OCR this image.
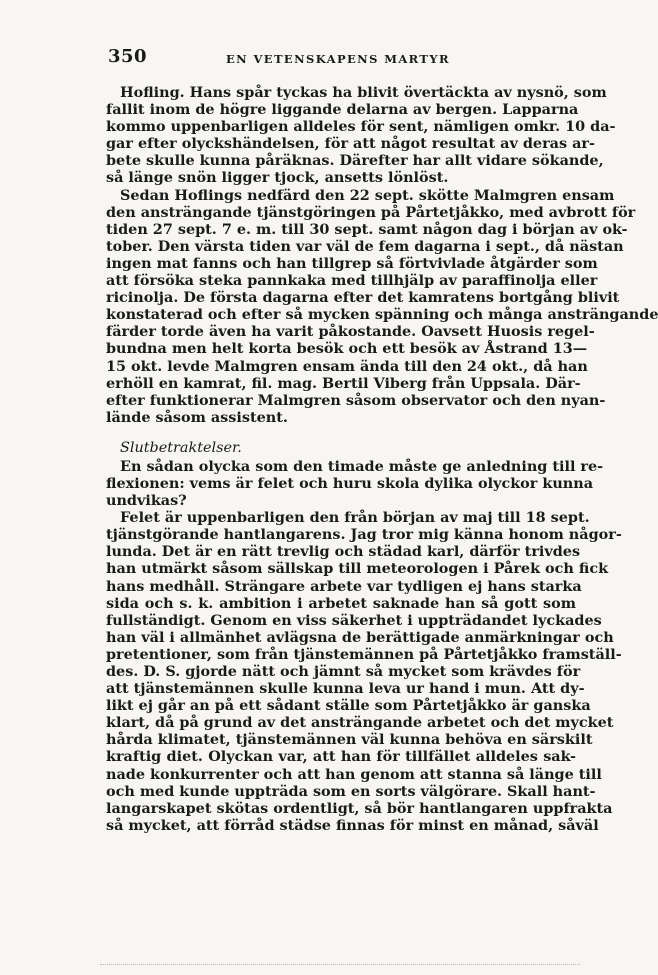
350	EN VETENSKAPENS MARTYR
Hofling. Hans spår tyckas ha blivit övertäckta av nysnö, som
fallit inom de högre liggande delarna av bergen. Lapparna
kommo uppenbarligen alldeles för sent, nämligen omkr. 10 da-
gar efter olyckshändelsen, för att något resultat av deras ar-
bete skulle kunna påräknas. Därefter har allt vidare sökande,
så länge snön ligger tjock, ansetts lönlöst.
Sedan Hoflings nedfärd den 22 sept. skötte Malmgren ensam
den ansträngande tjänstgöringen på Pårtetjåkko, med avbrott för
tiden 27 sept. 7 e. m. till 30 sept. samt någon dag i början av ok-
tober. Den värsta tiden var väl de fem dagarna i sept., då nästan
ingen mat fanns och han tillgrep så förtvivlade åtgärder som
att försöka steka pannkaka med tillhjälp av paraffinolja eller
ricinolja. De första dagarna efter det kamratens bortgång blivit
konstaterad och efter så mycken spänning och många ansträngande
färder torde även ha varit påkostande. Oavsett Huosis regel-
bundna men helt korta besök och ett besök av Åstrand 13—
15 okt. levde Malmgren ensam ända till den 24 okt., då han
erhöll en kamrat, fil. mag. Bertil Viberg från Uppsala. Där-
efter funktionerar Malmgren såsom observator och den nyan-
lände såsom assistent.
Slutbetraktelser.
En sådan olycka som den timade måste ge anledning till re-
flexionen: vems är felet och huru skola dylika olyckor kunna
undvikas?
Felet är uppenbarligen den från början av maj till 18 sept.
tjänstgörande hantlangarens. Jag tror mig känna honom någor-
lunda. Det är en rätt trevlig och städad karl, därför trivdes
han utmärkt såsom sällskap till meteorologen i Pårek och fick
hans medhåll. Strängare arbete var tydligen ej hans starka
sida och s. k. ambition i arbetet saknade han så gott som
fullständigt. Genom en viss säkerhet i uppträdandet lyckades
han väl i allmänhet avlägsna de berättigade anmärkningar och
pretentioner, som från tjänstemännen på Pårtetjåkko framställ-
des. D. S. gjorde nätt och jämnt så mycket som krävdes för
att tjänstemännen skulle kunna leva ur hand i mun. Att dy-
likt ej går an på ett sådant ställe som Pårtetjåkko är ganska
klart, då på grund av det ansträngande arbetet och det mycket
hårda klimatet, tjänstemännen väl kunna behöva en särskilt
kraftig diet. Olyckan var, att han för tillfället alldeles sak-
nade konkurrenter och att han genom att stanna så länge till
och med kunde uppträda som en sorts välgörare. Skall hant-
langarskapet skötas ordentligt, så bör hantlangaren uppfrakta
så mycket, att förråd städse finnas för minst en månad, såväl
